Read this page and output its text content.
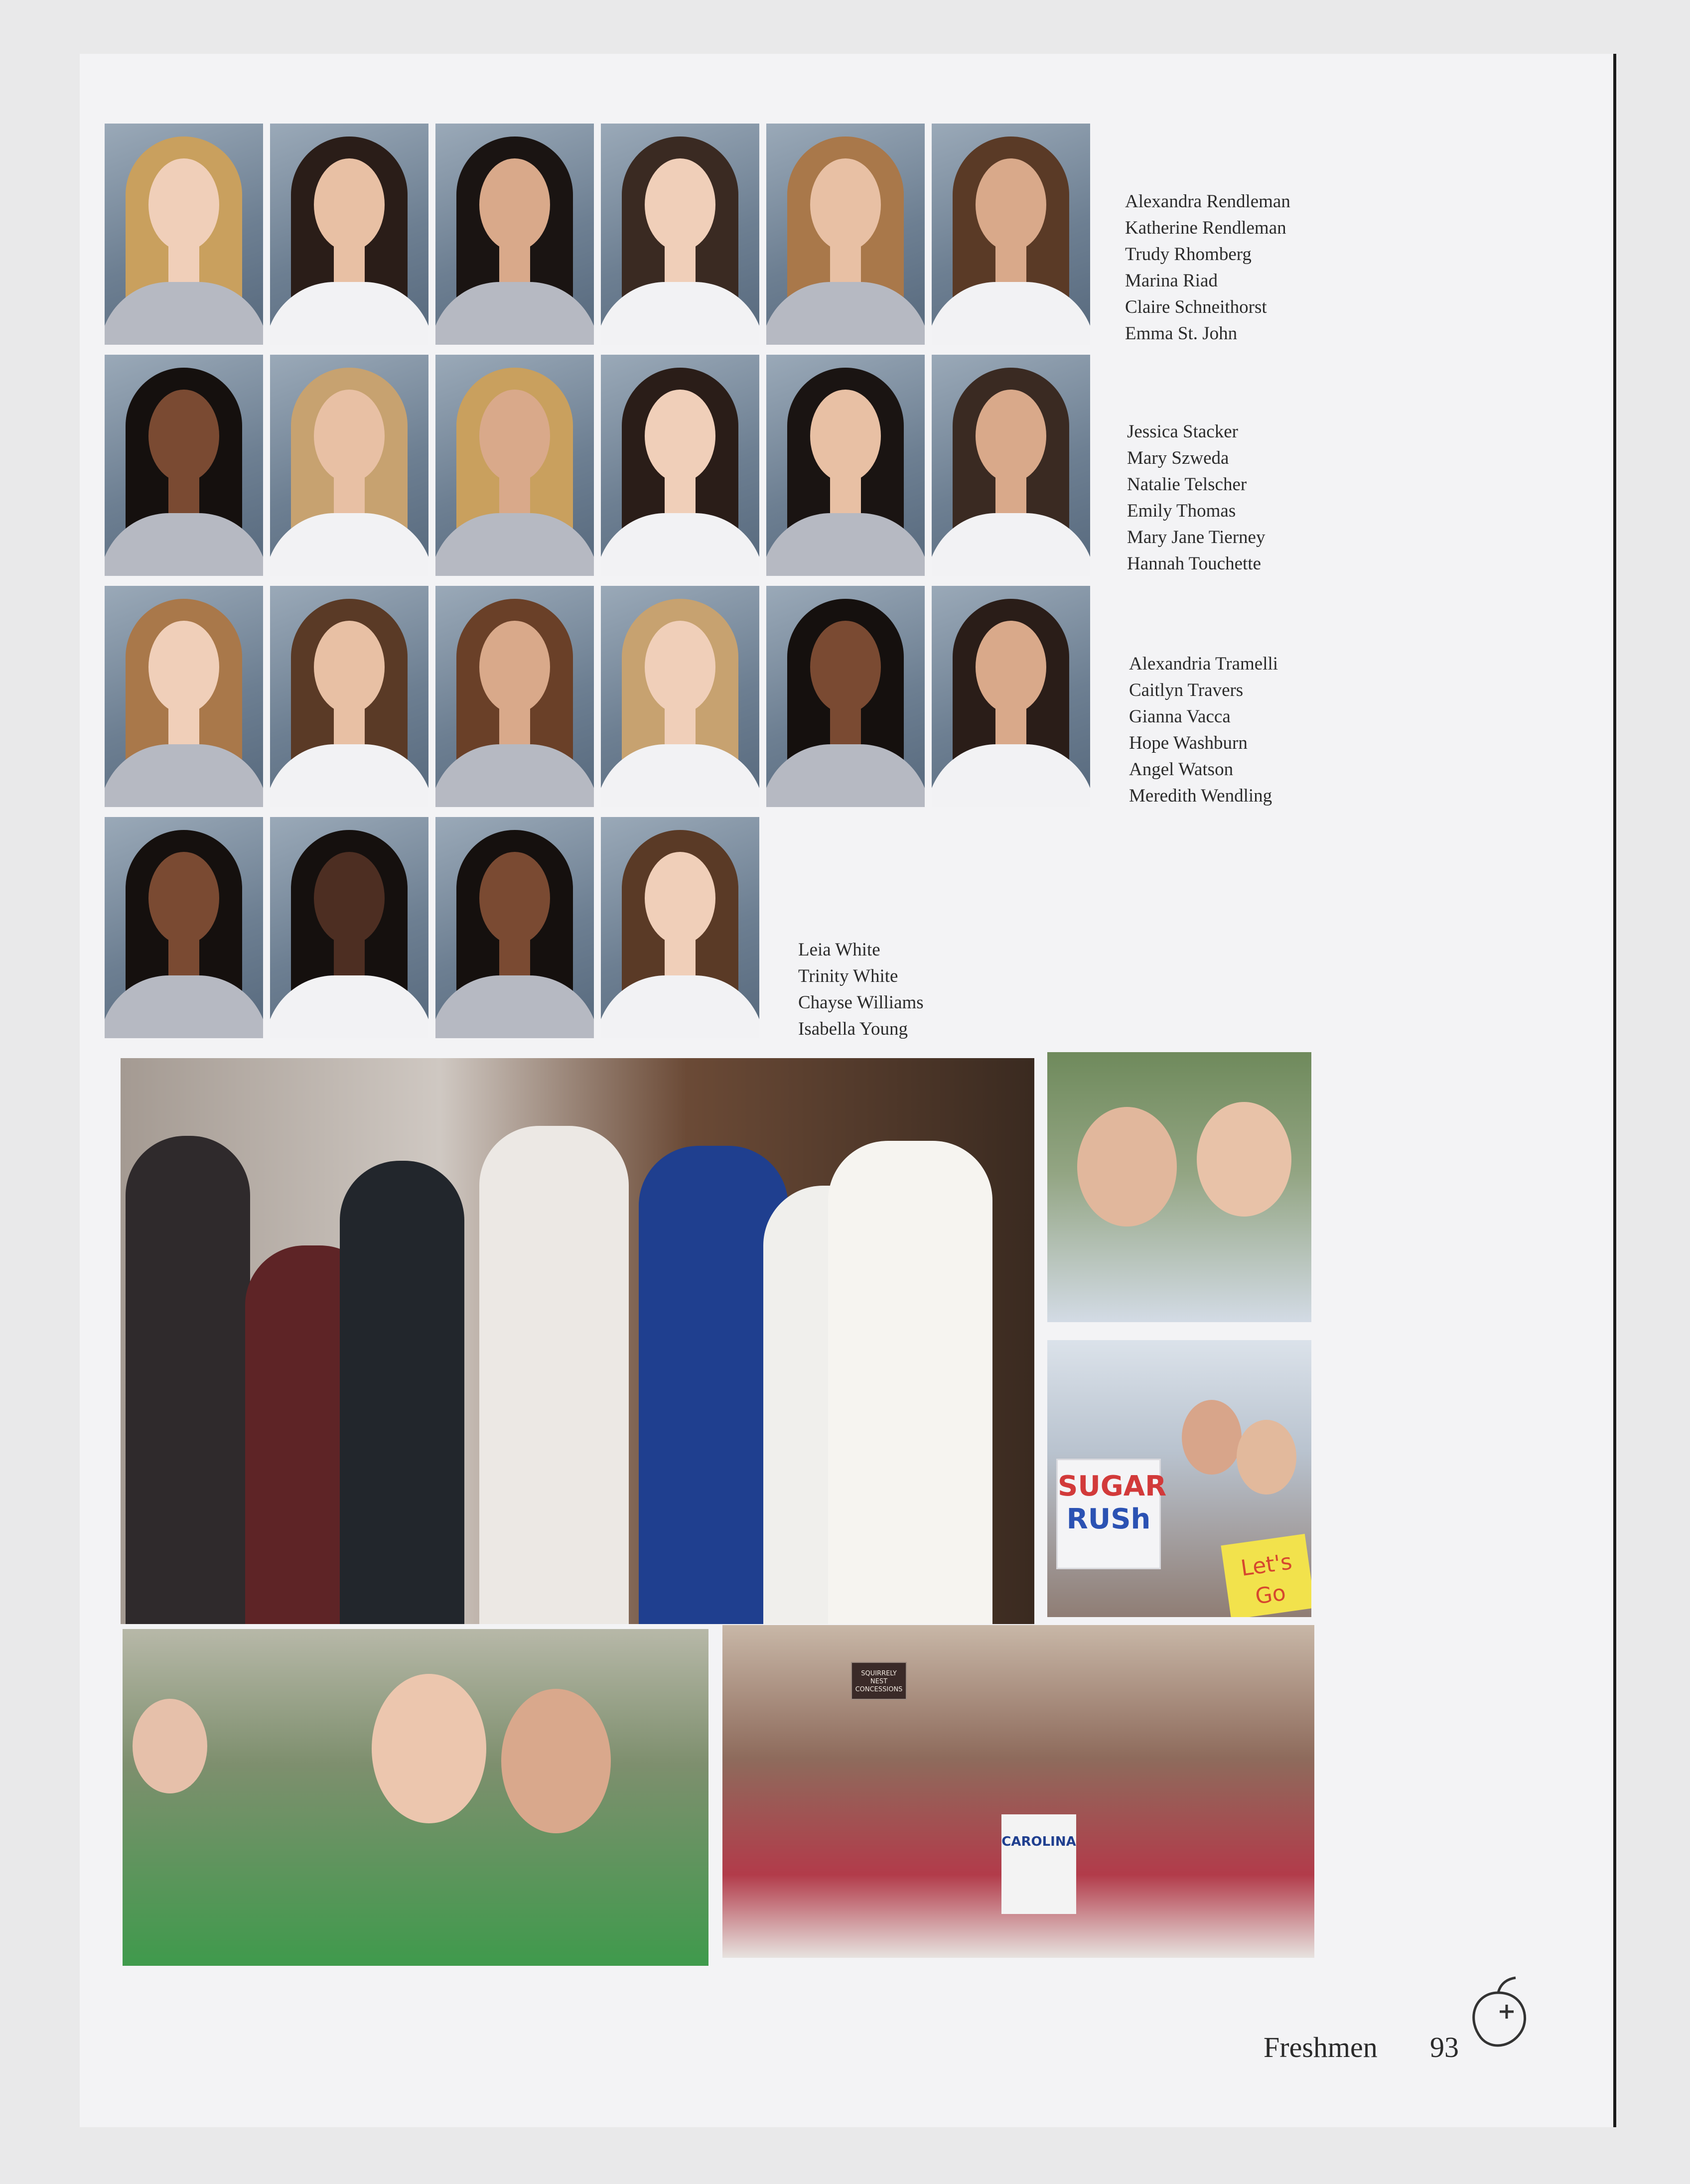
Alexandra Rendleman
Katherine Rendleman
Trudy Rhomberg
Marina Riad
Claire Schneithorst
Emma St. John
Jessica Stacker
Mary Szweda
Natalie Telscher
Emily Thomas
Mary Jane Tierney
Hannah Touchette
Alexandria Tramelli
Caitlyn Travers
Gianna Vacca
Hope Washburn
Angel Watson
Meredith Wendling
Leia White
Trinity White
Chayse Williams
Isabella Young
SUGAR
RUSh
Let's Go
SQUIRRELY NEST CONCESSIONS
CAROLINA
Freshmen 93
